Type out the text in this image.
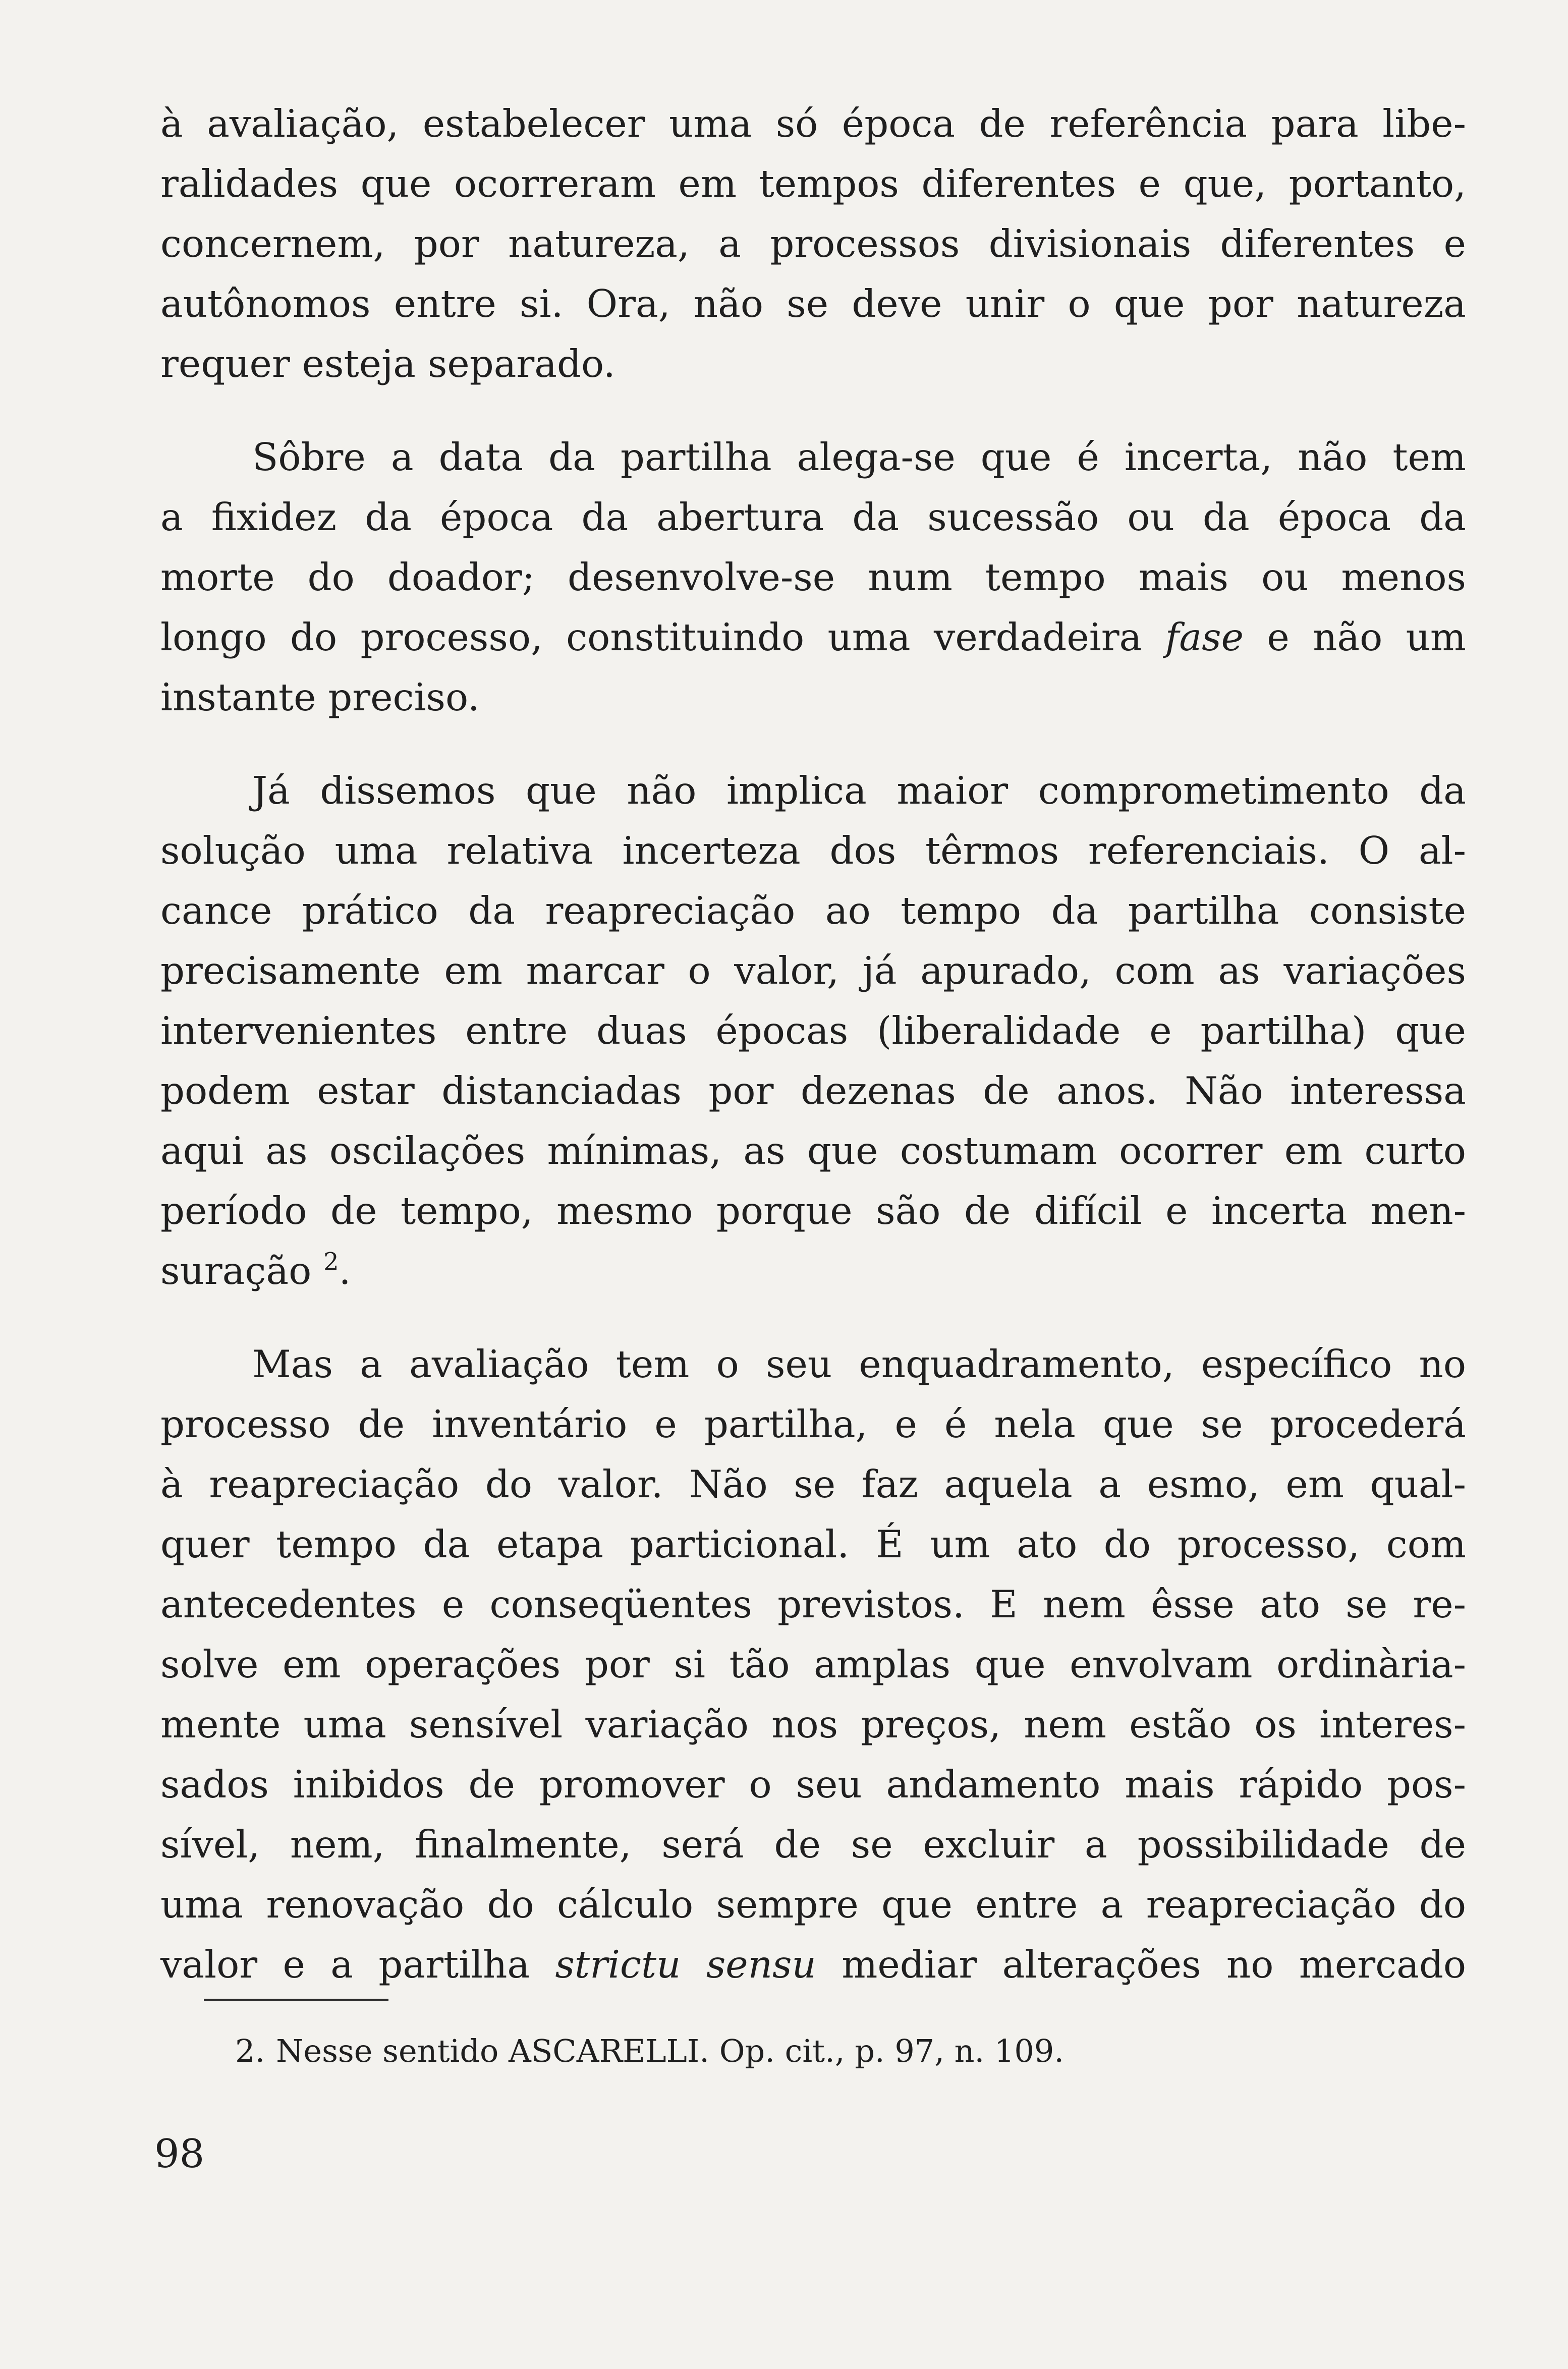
à avaliação, estabelecer uma só época de referência para libe-
ralidades que ocorreram em tempos diferentes e que, portanto,
concernem, por natureza, a processos divisionais diferentes e
autônomos entre si. Ora, não se deve unir o que por natureza
requer esteja separado.
Sôbre a data da partilha alega-se que é incerta, não tem
a fixidez da época da abertura da sucessão ou da época da
morte do doador; desenvolve-se num tempo mais ou menos
longo do processo, constituindo uma verdadeira fase e não um
instante preciso.
Já dissemos que não implica maior comprometimento da
solução uma relativa incerteza dos têrmos referenciais. O al-
cance prático da reapreciação ao tempo da partilha consiste
precisamente em marcar o valor, já apurado, com as variações
intervenientes entre duas épocas (liberalidade e partilha) que
podem estar distanciadas por dezenas de anos. Não interessa
aqui as oscilações mínimas, as que costumam ocorrer em curto
período de tempo, mesmo porque são de difícil e incerta men-
suração $^2$.
Mas a avaliação tem o seu enquadramento, específico no
processo de inventário e partilha, e é nela que se procederá
à reapreciação do valor. Não se faz aquela a esmo, em qual-
quer tempo da etapa particional. É um ato do processo, com
antecedentes e conseqüentes previstos. E nem êsse ato se re-
solve em operações por si tão amplas que envolvam ordinària-
mente uma sensível variação nos preços, nem estão os interes-
sados inibidos de promover o seu andamento mais rápido pos-
sível, nem, finalmente, será de se excluir a possibilidade de
uma renovação do cálculo sempre que entre a reapreciação do
valor e a partilha strictu sensu mediar alterações no mercado
2. Nesse sentido ASCARELLI. Op. cit., p. 97, n. 109.
98
